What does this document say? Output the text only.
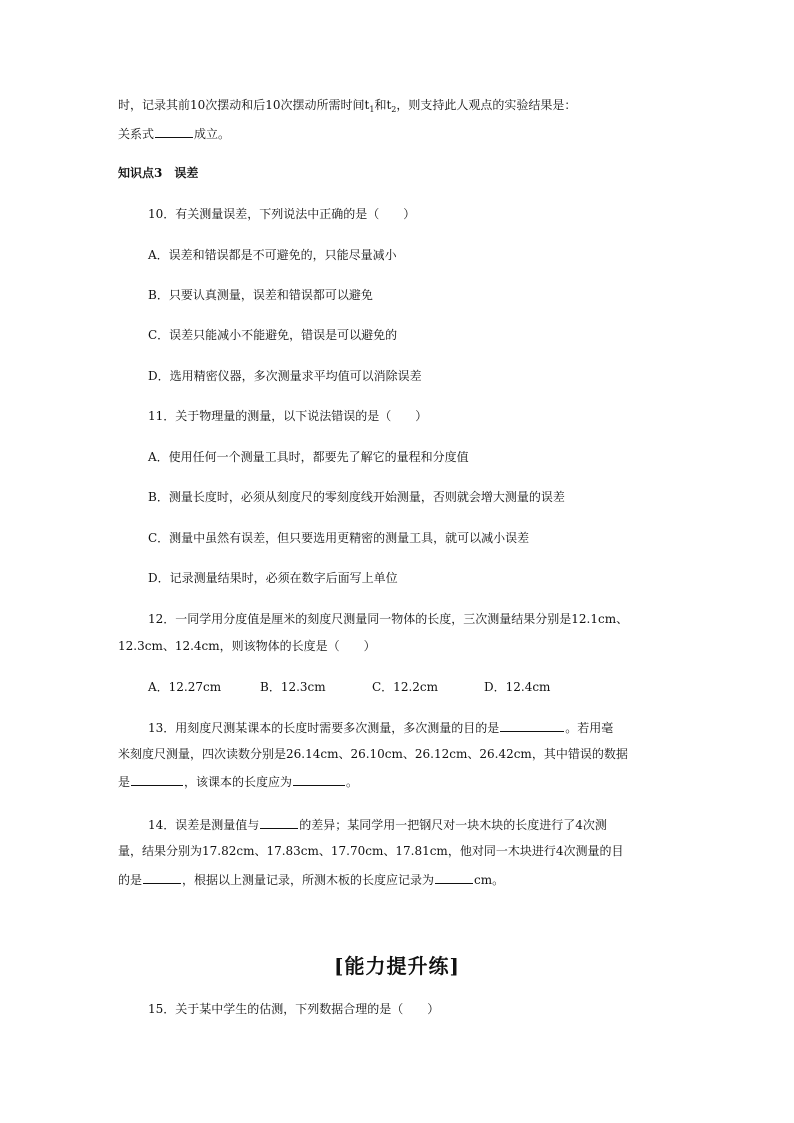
时，记录其前10次摆动和后10次摆动所需时间$t_1$和$t_2$，则支持此人观点的实验结果是：
关系式	成立。
知识点3　误差
10．有关测量误差，下列说法中正确的是（　　）
A．误差和错误都是不可避免的，只能尽量减小
B．只要认真测量，误差和错误都可以避免
C．误差只能减小不能避免，错误是可以避免的
D．选用精密仪器，多次测量求平均值可以消除误差
11．关于物理量的测量，以下说法错误的是（　　）
A．使用任何一个测量工具时，都要先了解它的量程和分度值
B．测量长度时，必须从刻度尺的零刻度线开始测量，否则就会增大测量的误差
C．测量中虽然有误差，但只要选用更精密的测量工具，就可以减小误差
D．记录测量结果时，必须在数字后面写上单位
12．一同学用分度值是厘米的刻度尺测量同一物体的长度，三次测量结果分别是12.1cm、
12.3cm、12.4cm，则该物体的长度是（　　）
A．12.27cm	B．12.3cm	C．12.2cm	D．12.4cm
13．用刻度尺测某课本的长度时需要多次测量，多次测量的目的是	。若用毫
米刻度尺测量，四次读数分别是26.14cm、26.10cm、26.12cm、26.42cm，其中错误的数据
是	，该课本的长度应为	。
14．误差是测量值与	的差异；某同学用一把钢尺对一块木块的长度进行了4次测
量，结果分别为17.82cm、17.83cm、17.70cm、17.81cm，他对同一木块进行4次测量的目
的是	，根据以上测量记录，所测木板的长度应记录为	cm。
[能力提升练]
15．关于某中学生的估测，下列数据合理的是（　　）
